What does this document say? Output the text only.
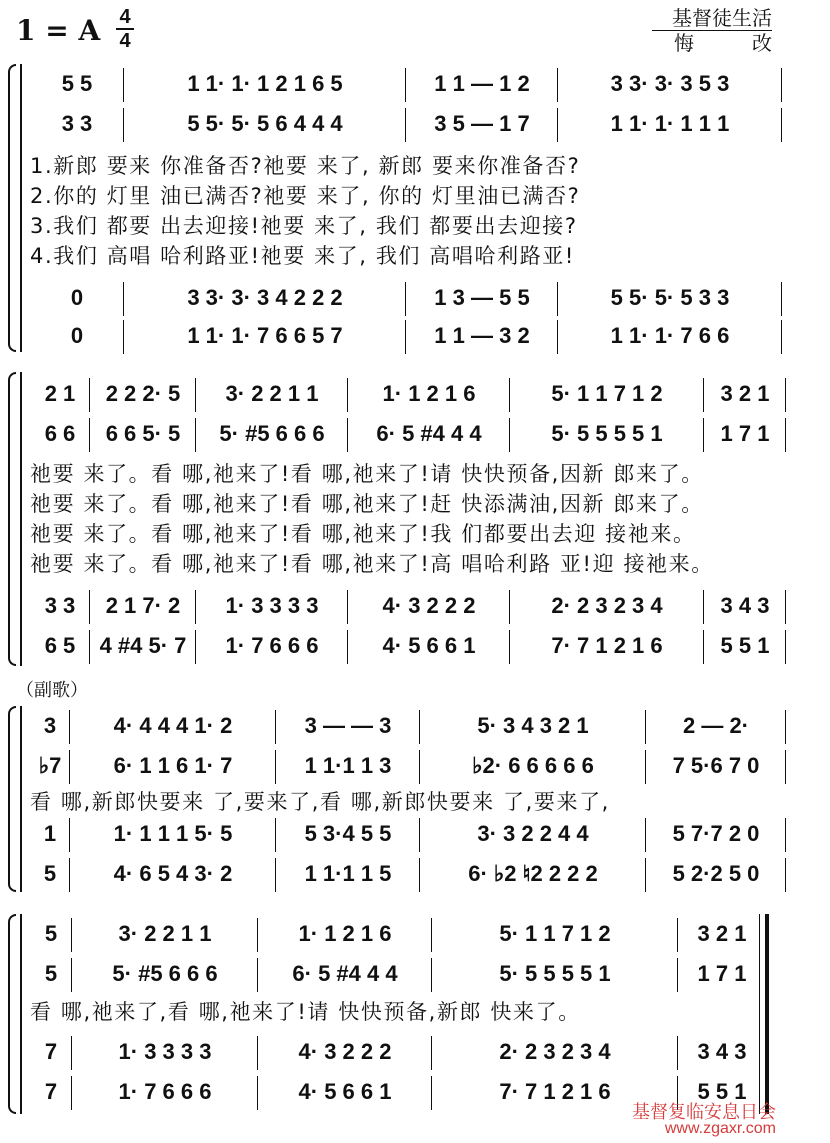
1 = A 4
4
基督徒生活
悔改
5 5	1 1· 1· 1 2 1 6 5	1 1 — 1 2	3 3· 3· 3 5 3
3 3	5 5· 5· 5 6 4 4 4	3 5 — 1 7	1 1· 1· 1 1 1
0	3 3· 3· 3 4 2 2 2	1 3 — 5 5	5 5· 5· 5 3 3
0	1 1· 1· 7 6 6 5 7	1 1 — 3 2	1 1· 1· 7 6 6
1.新郎 要来 你准备否?祂要 来了, 新郎 要来你准备否?
2.你的 灯里 油已满否?祂要 来了, 你的 灯里油已满否?
3.我们 都要 出去迎接!祂要 来了, 我们 都要出去迎接?
4.我们 高唱 哈利路亚!祂要 来了, 我们 高唱哈利路亚!
2 1	2 2 2· 5	3· 2 2 1 1	1· 1 2 1 6	5· 1 1 7 1 2	3 2 1
6 6	6 6 5· 5	5· #5 6 6 6	6· 5 #4 4 4	5· 5 5 5 5 1	1 7 1
3 3	2 1 7· 2	1· 3 3 3 3	4· 3 2 2 2	2· 2 3 2 3 4	3 4 3
6 5	4 #4 5· 7	1· 7 6 6 6	4· 5 6 6 1	7· 7 1 2 1 6	5 5 1
祂要 来了。看 哪,祂来了!看 哪,祂来了!请 快快预备,因新 郎来了。
祂要 来了。看 哪,祂来了!看 哪,祂来了!赶 快添满油,因新 郎来了。
祂要 来了。看 哪,祂来了!看 哪,祂来了!我 们都要出去迎 接祂来。
祂要 来了。看 哪,祂来了!看 哪,祂来了!高 唱哈利路 亚!迎 接祂来。
3	4· 4 4 4 1· 2	3 — — 3	5· 3 4 3 2 1	2 — 2·
♭7	6· 1 1 6 1· 7	1 1·1 1 3	♭2· 6 6 6 6 6	7 5·6 7 0
1	1· 1 1 1 5· 5	5 3·4 5 5	3· 3 2 2 4 4	5 7·7 2 0
5	4· 6 5 4 3· 2	1 1·1 1 5	6· ♭2 ♮2 2 2 2	5 2·2 5 0
看 哪,新郎快要来 了,要来了,看 哪,新郎快要来 了,要来了,
5	3· 2 2 1 1	1· 1 2 1 6	5· 1 1 7 1 2	3 2 1
5	5· #5 6 6 6	6· 5 #4 4 4	5· 5 5 5 5 1	1 7 1
7	1· 3 3 3 3	4· 3 2 2 2	2· 2 3 2 3 4	3 4 3
7	1· 7 6 6 6	4· 5 6 6 1	7· 7 1 2 1 6	5 5 1
看 哪,祂来了,看 哪,祂来了!请 快快预备,新郎 快来了。
（副歌）
基督复临安息日会
www.zgaxr.com
